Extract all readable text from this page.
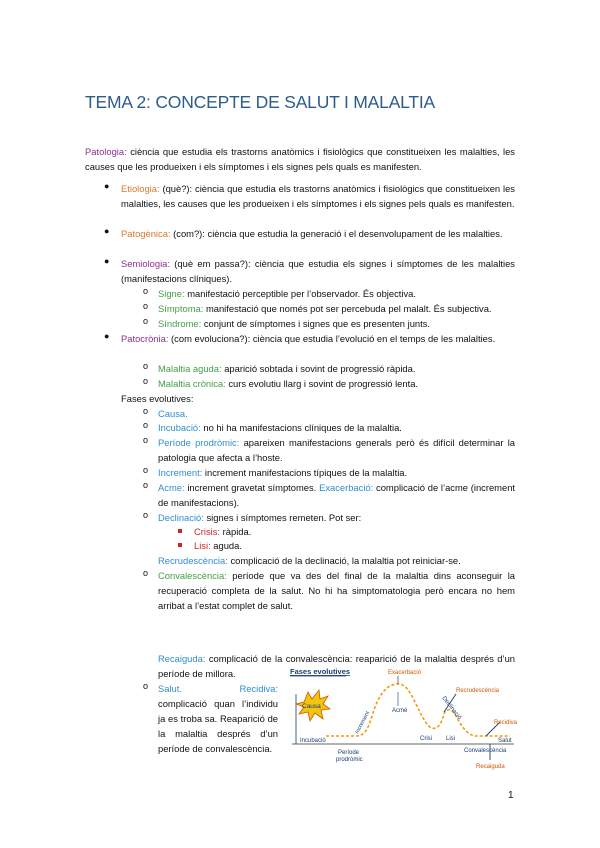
TEMA 2: CONCEPTE DE SALUT I MALALTIA
Patologia: ciència que estudia els trastorns anatòmics i fisiològics que constitueixen les malalties, les causes que les produeixen i els símptomes i els signes pels quals es manifesten.
● Etiologia: (què?): ciència que estudia els trastorns anatòmics i fisiològics que constitueixen les malalties, les causes que les produeixen i els símptomes i els signes pels quals es manifesten.
● Patogènica: (com?): ciència que estudia la generació i el desenvolupament de les malalties.
● Semiologia: (què em passa?): ciència que estudia els signes i símptomes de les malalties (manifestacions clíniques).
o Signe: manifestació perceptible per l’observador. És objectiva.
o Símptoma: manifestació que només pot ser percebuda pel malalt. És subjectiva.
o Síndrome: conjunt de símptomes i signes que es presenten junts.
● Patocrònia: (com evoluciona?): ciència que estudia l’evolució en el temps de les malalties.
o Malaltia aguda: aparició sobtada i sovint de progressió ràpida.
o Malaltia crònica: curs evolutiu llarg i sovint de progressió lenta.
Fases evolutives:
o Causa.
o Incubació: no hi ha manifestacions clíniques de la malaltia.
o Període prodròmic: apareixen manifestacions generals però és difícil determinar la patologia que afecta a l’hoste.
o Increment: increment manifestacions típiques de la malaltia.
o Acme: increment gravetat símptomes. Exacerbació: complicació de l’acme (increment de manifestacions).
o Declinació: signes i símptomes remeten. Pot ser:
Crisis: ràpida.
Lisi: aguda.
Recrudescència: complicació de la declinació, la malaltia pot reiniciar-se.
o Convalescència: període que va des del final de la malaltia dins aconseguir la recuperació completa de la salut. No hi ha simptomatologia però encara no hem arribat a l’estat complet de salut.
Recaiguda: complicació de la convalescència: reaparició de la malaltia després d’un període de millora.
o Salut.	Recidiva:

complicació quan l’individu ja es troba sa. Reaparició de la malaltia després d’un període de convalescència.
Fases evolutives
Causa
Exacerbació
Acmé	Declinació
Recrudescència
Increment
Crisi Lisi
Recidiva
Salut
Incubació
Període
prodròmic
Convalescència
Recaiguda
1
